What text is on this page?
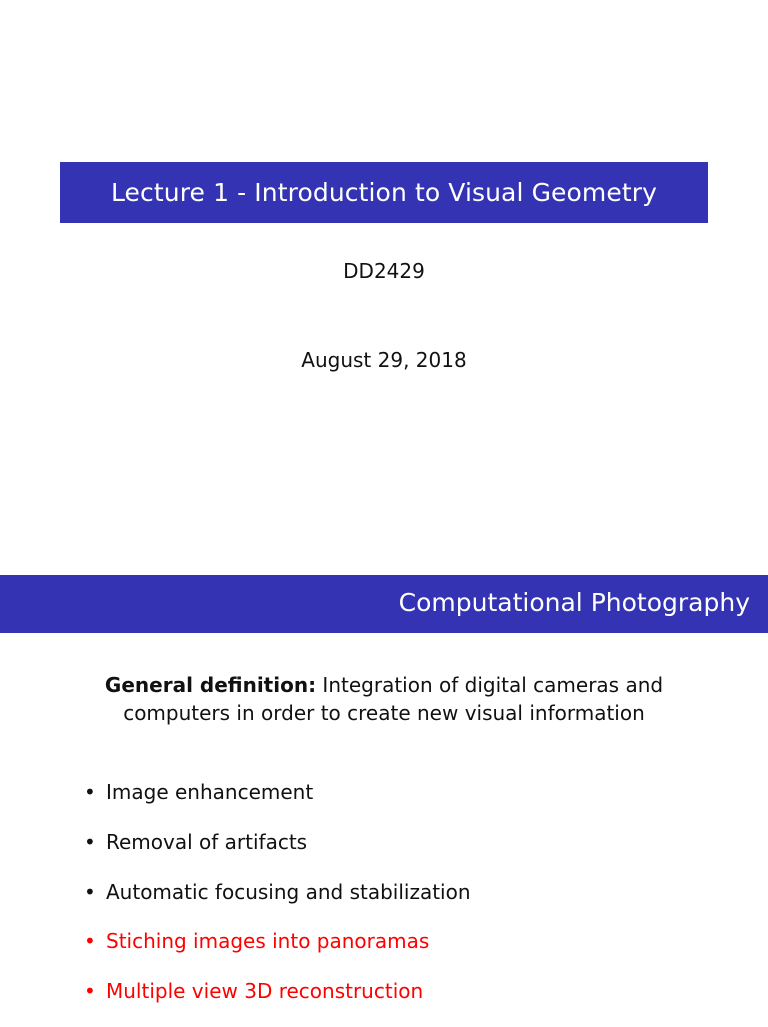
Lecture 1 - Introduction to Visual Geometry
DD2429
August 29, 2018
Computational Photography
General definition: Integration of digital cameras and
computers in order to create new visual information
• Image enhancement
• Removal of artifacts
• Automatic focusing and stabilization
• Stiching images into panoramas
• Multiple view 3D reconstruction
